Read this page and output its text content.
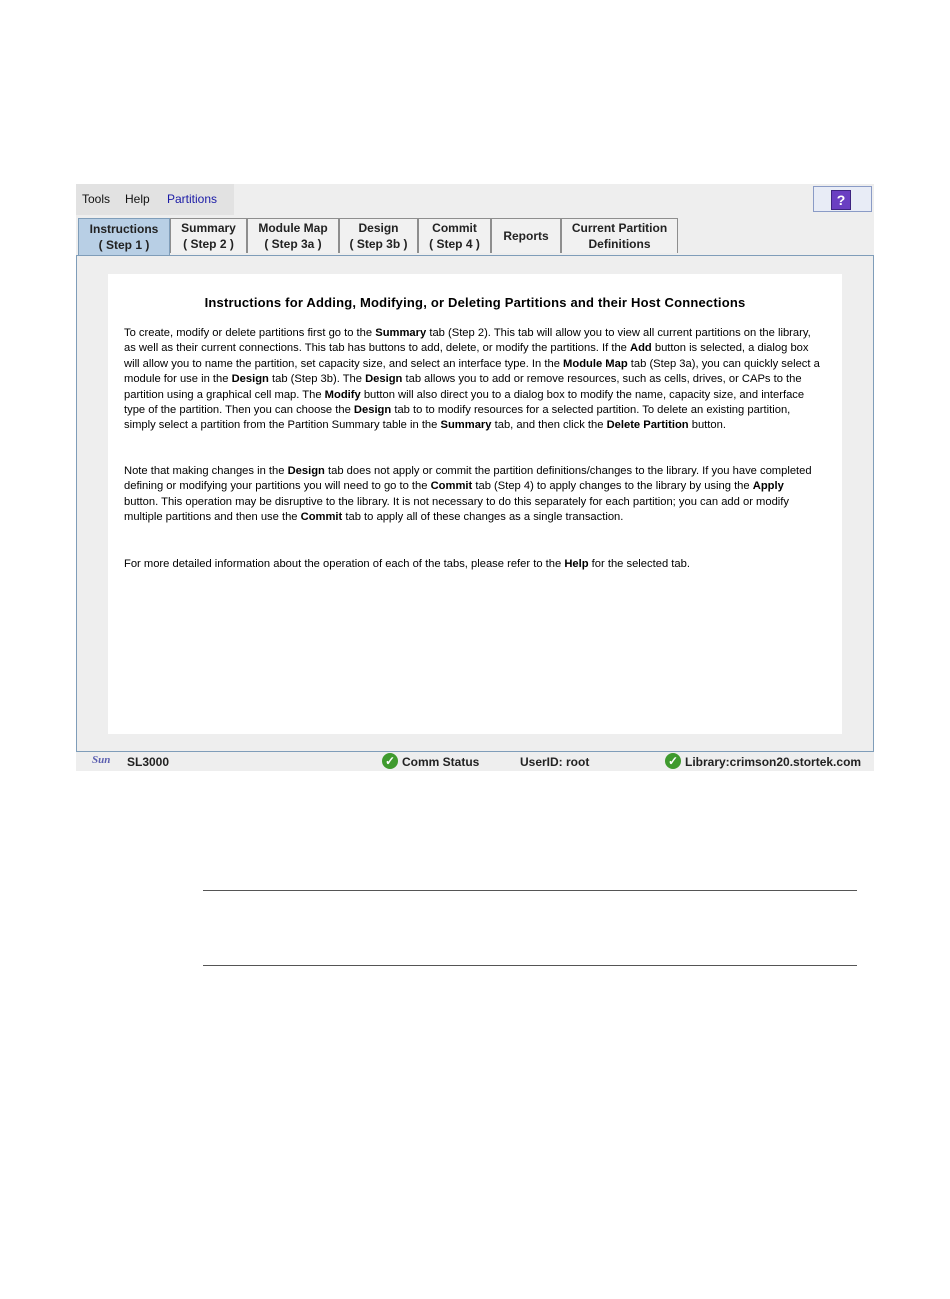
Tools Help Partitions	?
Instructions
( Step 1 )
Summary
( Step 2 )
Module Map
( Step 3a )
Design
( Step 3b )
Commit
( Step 4 )
Reports
Current Partition
Definitions
Instructions for Adding, Modifying, or Deleting Partitions and their Host Connections

To create, modify or delete partitions first go to the Summary tab (Step 2). This tab will allow you to view all current partitions on the library, as well as their current connections. This tab has buttons to add, delete, or modify the partitions. If the Add button is selected, a dialog box will allow you to name the partition, set capacity size, and select an interface type. In the Module Map tab (Step 3a), you can quickly select a module for use in the Design tab (Step 3b). The Design tab allows you to add or remove resources, such as cells, drives, or CAPs to the partition using a graphical cell map. The Modify button will also direct you to a dialog box to modify the name, capacity size, and interface type of the partition. Then you can choose the Design tab to to modify resources for a selected partition. To delete an existing partition, simply select a partition from the Partition Summary table in the Summary tab, and then click the Delete Partition button.

Note that making changes in the Design tab does not apply or commit the partition definitions/changes to the library. If you have completed defining or modifying your partitions you will need to go to the Commit tab (Step 4) to apply changes to the library by using the Apply button. This operation may be disruptive to the library. It is not necessary to do this separately for each partition; you can add or modify multiple partitions and then use the Commit tab to apply all of these changes as a single transaction.

For more detailed information about the operation of each of the tabs, please refer to the Help for the selected tab.

Sun	SL3000	✓ Comm Status	UserID: root	✓ Library:crimson20.stortek.com
